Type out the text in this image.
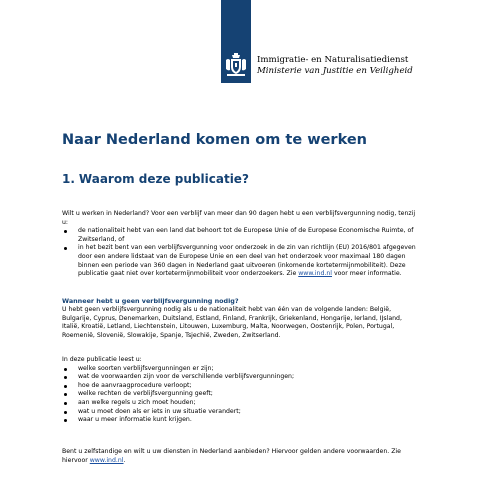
Immigratie- en Naturalisatiedienst
Ministerie van Justitie en Veiligheid
Naar Nederland komen om te werken
1. Waarom deze publicatie?

Wilt u werken in Nederland? Voor een verblijf van meer dan 90 dagen hebt u een verblijfsvergunning nodig, tenzij u:

de nationaliteit hebt van een land dat behoort tot de Europese Unie of de Europese Economische Ruimte, of Zwitserland, of
in het bezit bent van een verblijfsvergunning voor onderzoek in de zin van richtlijn (EU) 2016/801 afgegeven door een andere lidstaat van de Europese Unie en een deel van het onderzoek voor maximaal 180 dagen binnen een periode van 360 dagen in Nederland gaat uitvoeren (inkomende kortetermijnmobiliteit). Deze publicatie gaat niet over kortetermijnmobiliteit voor onderzoekers. Zie www.ind.nl voor meer informatie.
Wanneer hebt u geen verblijfsvergunning nodig?
U hebt geen verblijfsvergunning nodig als u de nationaliteit hebt van één van de volgende landen: België, Bulgarije, Cyprus, Denemarken, Duitsland, Estland, Finland, Frankrijk, Griekenland, Hongarije, Ierland, IJsland, Italië, Kroatië, Letland, Liechtenstein, Litouwen, Luxemburg, Malta, Noorwegen, Oostenrijk, Polen, Portugal, Roemenië, Slovenië, Slowakije, Spanje, Tsjechië, Zweden, Zwitserland.

In deze publicatie leest u:

welke soorten verblijfsvergunningen er zijn;
wat de voorwaarden zijn voor de verschillende verblijfsvergunningen;
hoe de aanvraagprocedure verloopt;
welke rechten de verblijfsvergunning geeft;
aan welke regels u zich moet houden;
wat u moet doen als er iets in uw situatie verandert;
waar u meer informatie kunt krijgen.
Bent u zelfstandige en wilt u uw diensten in Nederland aanbieden? Hiervoor gelden andere voorwaarden. Zie hiervoor www.ind.nl.
